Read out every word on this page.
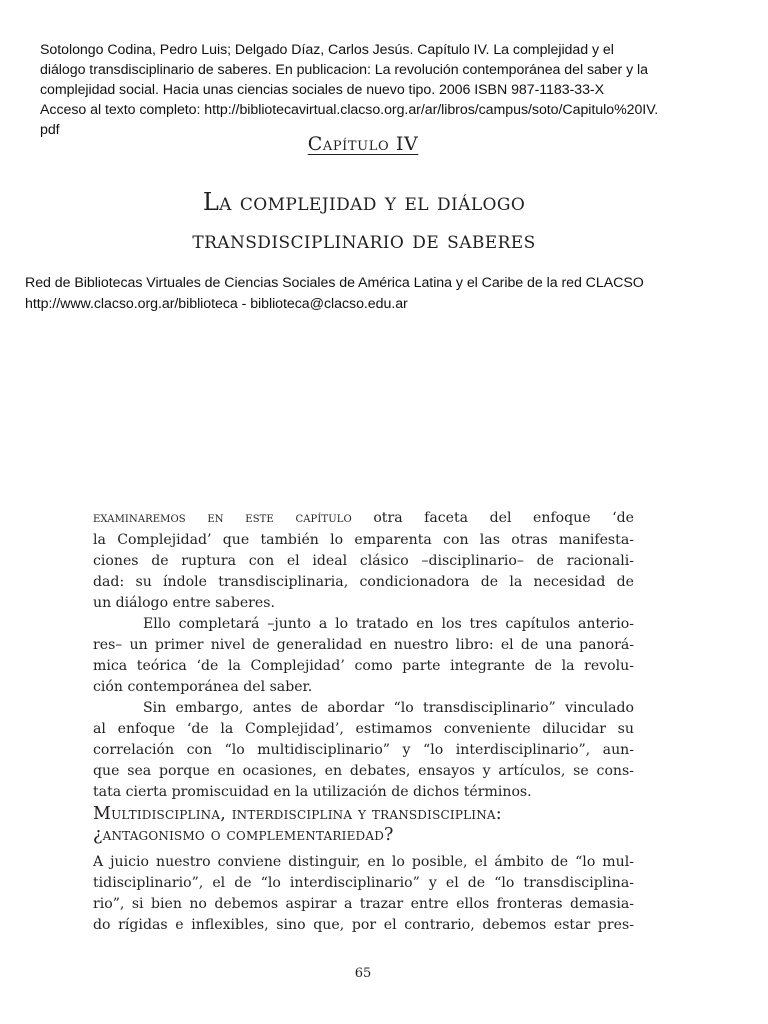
Sotolongo Codina, Pedro Luis; Delgado Díaz, Carlos Jesús. Capítulo IV. La complejidad y el
diálogo transdisciplinario de saberes. En publicacion: La revolución contemporánea del saber y la
complejidad social. Hacia unas ciencias sociales de nuevo tipo. 2006 ISBN 987-1183-33-X
Acceso al texto completo: http://bibliotecavirtual.clacso.org.ar/ar/libros/campus/soto/Capitulo%20IV.
pdf
Capítulo IV
La complejidad y el diálogo
transdisciplinario de saberes
Red de Bibliotecas Virtuales de Ciencias Sociales de América Latina y el Caribe de la red CLACSO
http://www.clacso.org.ar/biblioteca - biblioteca@clacso.edu.ar
examinaremos en este capítulo otra faceta del enfoque ‘de
la Complejidad’ que también lo emparenta con las otras manifesta-
ciones de ruptura con el ideal clásico –disciplinario– de racionali-
dad: su índole transdisciplinaria, condicionadora de la necesidad de
un diálogo entre saberes.
Ello completará –junto a lo tratado en los tres capítulos anterio-
res– un primer nivel de generalidad en nuestro libro: el de una panorá-
mica teórica ‘de la Complejidad’ como parte integrante de la revolu-
ción contemporánea del saber.
Sin embargo, antes de abordar “lo transdisciplinario” vinculado
al enfoque ‘de la Complejidad’, estimamos conveniente dilucidar su
correlación con “lo multidisciplinario” y “lo interdisciplinario”, aun-
que sea porque en ocasiones, en debates, ensayos y artículos, se cons-
tata cierta promiscuidad en la utilización de dichos términos.
Multidisciplina, interdisciplina y transdisciplina:
¿antagonismo o complementariedad?
A juicio nuestro conviene distinguir, en lo posible, el ámbito de “lo mul-
tidisciplinario”, el de “lo interdisciplinario” y el de “lo transdisciplina-
rio”, si bien no debemos aspirar a trazar entre ellos fronteras demasia-
do rígidas e inflexibles, sino que, por el contrario, debemos estar pres-
65
